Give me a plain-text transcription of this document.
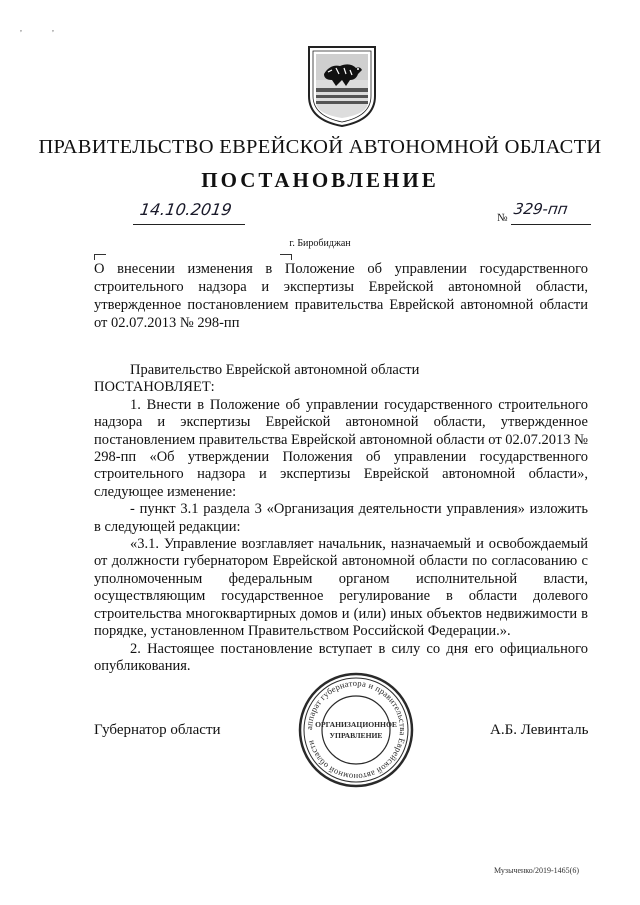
, ,
ПРАВИТЕЛЬСТВО ЕВРЕЙСКОЙ АВТОНОМНОЙ ОБЛАСТИ
ПОСТАНОВЛЕНИЕ
14.10.2019	№ 329-пп
г. Биробиджан
О внесении изменения в Положение об управлении государственного строительного надзора и экспертизы Еврейской автономной области, утвержденное постановлением правительства Еврейской автономной области от 02.07.2013 № 298-пп

Правительство Еврейской автономной области

ПОСТАНОВЛЯЕТ:

1. Внести в Положение об управлении государственного строительного надзора и экспертизы Еврейской автономной области, утвержденное постановлением правительства Еврейской автономной области от 02.07.2013 № 298-пп «Об утверждении Положения об управлении государственного строительного надзора и экспертизы Еврейской автономной области», следующее изменение:

- пункт 3.1 раздела 3 «Организация деятельности управления» изложить в следующей редакции:

«3.1. Управление возглавляет начальник, назначаемый и освобождаемый от должности губернатором Еврейской автономной области по согласованию с уполномоченным федеральным органом исполнительной власти, осуществляющим государственное регулирование в области долевого строительства многоквартирных домов и (или) иных объектов недвижимости в порядке, установленном Правительством Российской Федерации.».

2. Настоящее постановление вступает в силу со дня его официального опубликования.

Губернатор области	А.Б. Левинталь
аппарат губернатора и правительства Еврейской автономной области
ОРГАНИЗАЦИОННОЕ
УПРАВЛЕНИЕ
Музыченко/2019-1465(6)
